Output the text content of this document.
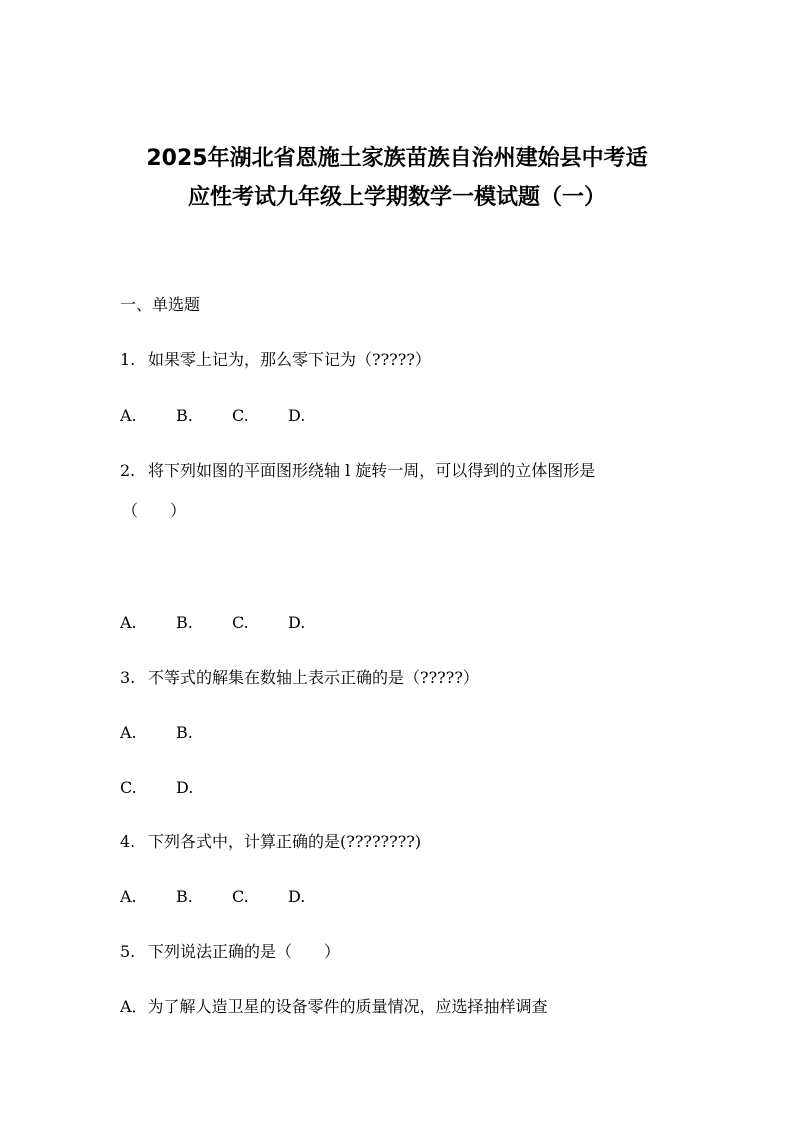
2025年湖北省恩施土家族苗族自治州建始县中考适
应性考试九年级上学期数学一模试题（一）
一、单选题
1. 如果零上记为，那么零下记为（?????）
A. B. C. D.
2. 将下列如图的平面图形绕轴 l 旋转一周，可以得到的立体图形是
（　　）
A. B. C. D.
3. 不等式的解集在数轴上表示正确的是（?????）
A. B.
C. D.
4. 下列各式中，计算正确的是(????????)
A. B. C. D.
5. 下列说法正确的是（　　）
A．为了解人造卫星的设备零件的质量情况，应选择抽样调查
